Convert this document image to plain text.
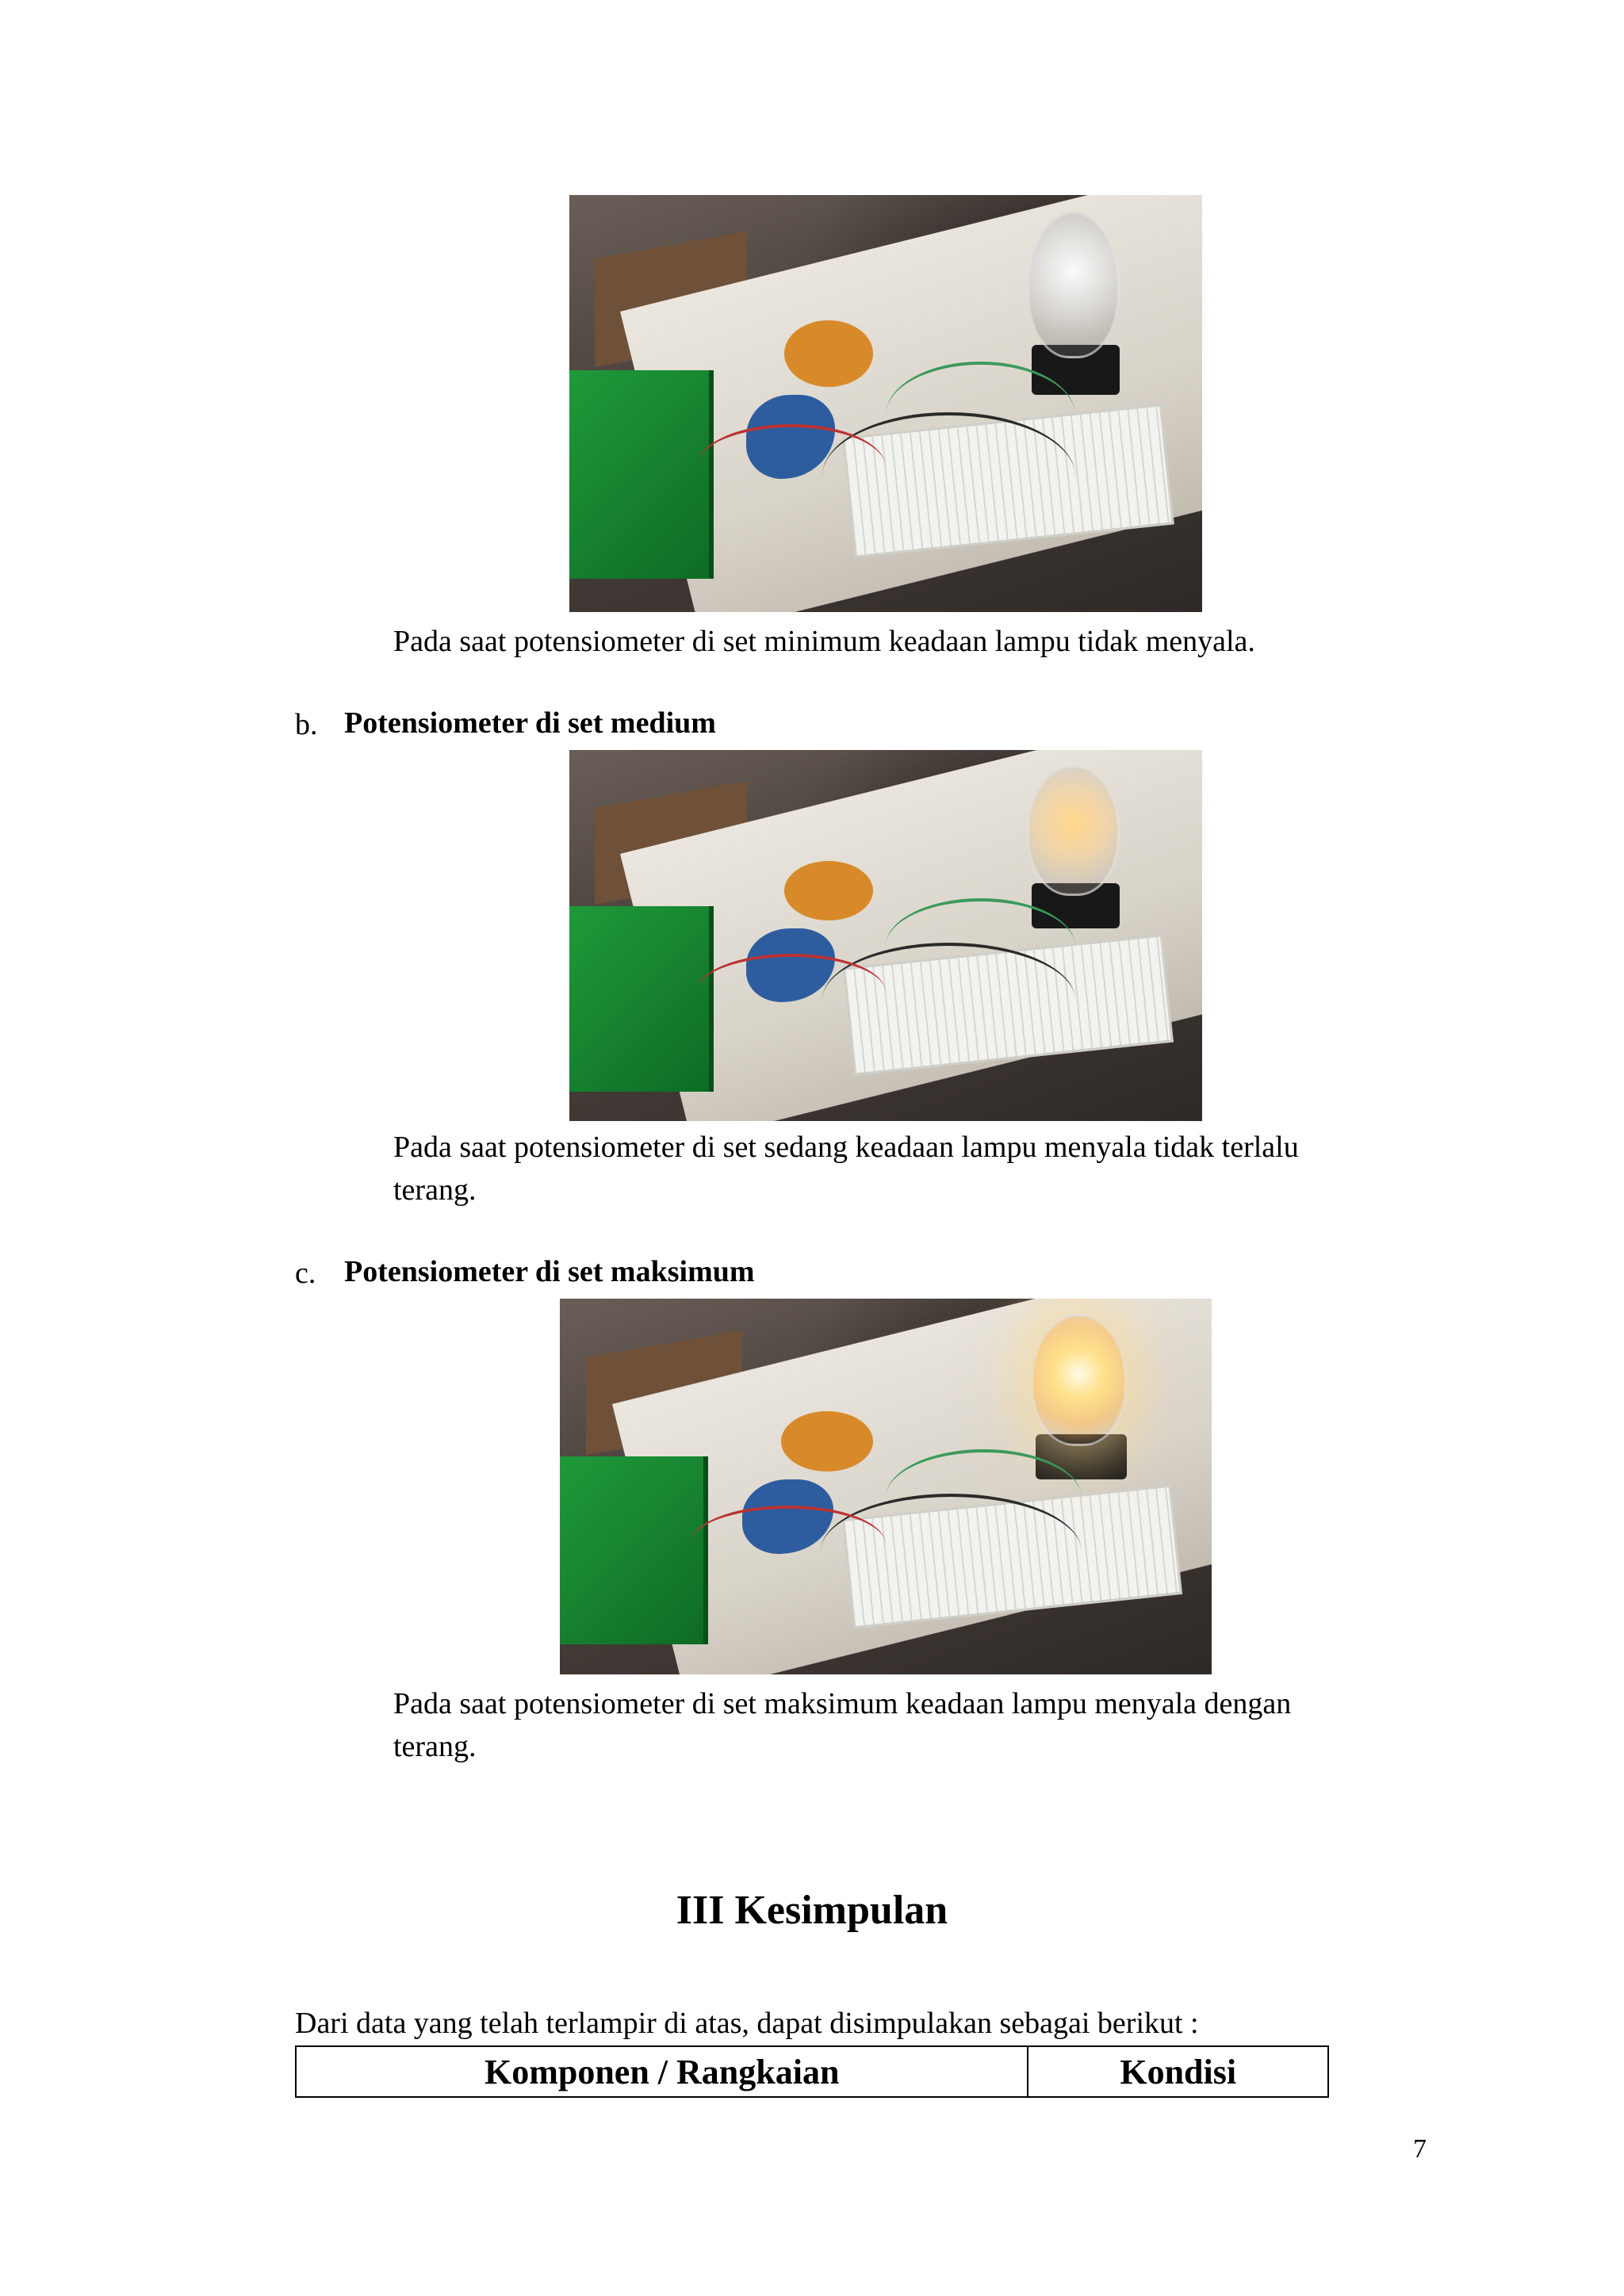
Pada saat potensiometer di set minimum keadaan lampu tidak menyala.
b. Potensiometer di set medium
Pada saat potensiometer di set sedang keadaan lampu menyala tidak terlalu
terang.
c. Potensiometer di set maksimum
Pada saat potensiometer di set maksimum keadaan lampu menyala dengan
terang.
III Kesimpulan
Dari data yang telah terlampir di atas, dapat disimpulakan sebagai berikut :
Komponen / Rangkaian	Kondisi
7
